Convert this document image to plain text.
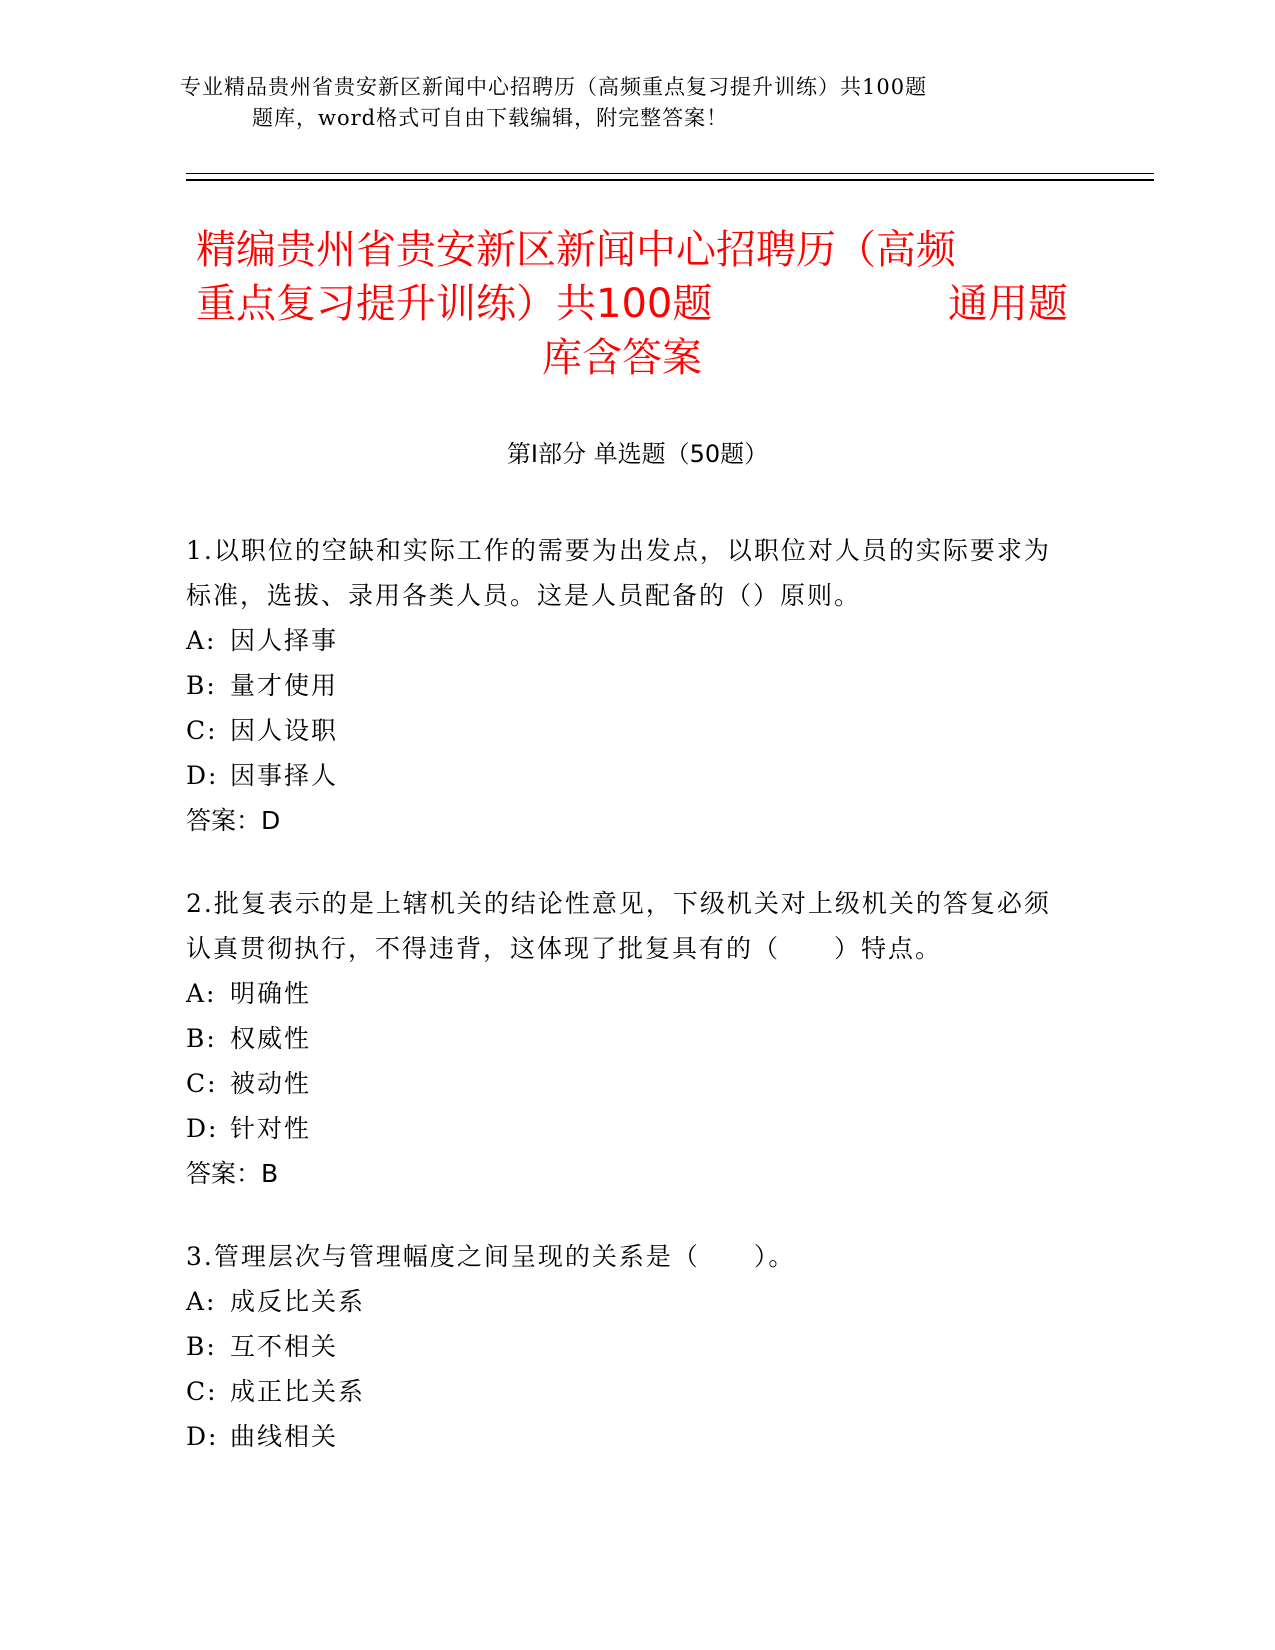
专业精品贵州省贵安新区新闻中心招聘历（高频重点复习提升训练）共100题
题库，word格式可自由下载编辑，附完整答案！
精编贵州省贵安新区新闻中心招聘历（高频
重点复习提升训练）共100题	通用题
库含答案
第Ⅰ部分 单选题（50题）

1.以职位的空缺和实际工作的需要为出发点，以职位对人员的实际要求为标准，选拔、录用各类人员。这是人员配备的（）原则。

A: 因人择事
B: 量才使用
C: 因人设职
D: 因事择人
答案：D

2.批复表示的是上辖机关的结论性意见，下级机关对上级机关的答复必须认真贯彻执行，不得违背，这体现了批复具有的（　　）特点。

A: 明确性
B: 权威性
C: 被动性
D: 针对性
答案：B

3.管理层次与管理幅度之间呈现的关系是（　　）。

A: 成反比关系
B: 互不相关
C: 成正比关系
D: 曲线相关
